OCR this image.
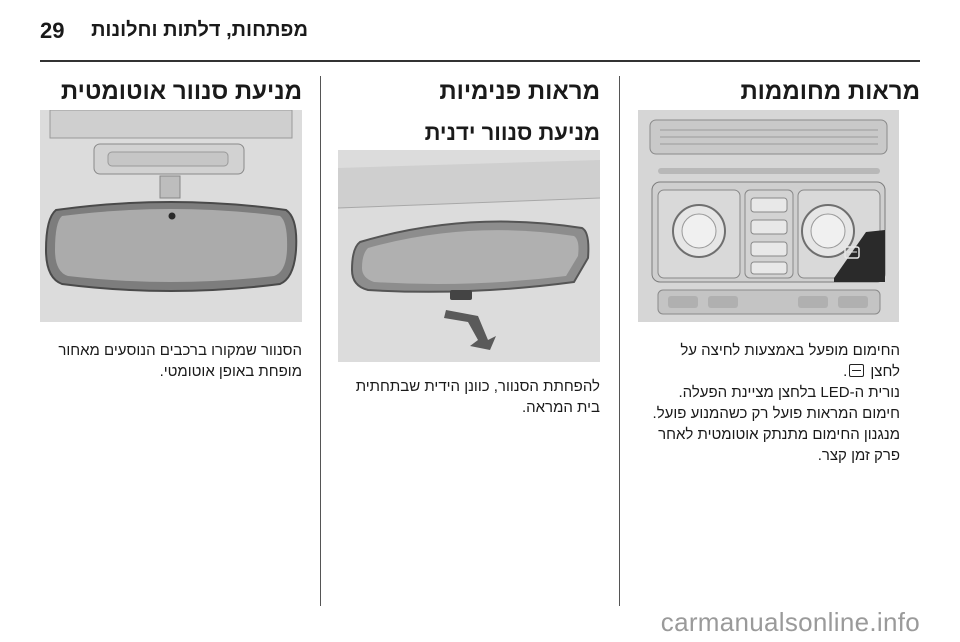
29 מפתחות, דלתות וחלונות
מראות מחוממות

החימום מופעל באמצעות לחיצה על
לחצן .

נורית ה-LED בלחצן מציינת הפעלה.

חימום המראות פועל רק כשהמנוע פועל.
מנגנון החימום מתנתק אוטומטית לאחר
פרק זמן קצר.

מראות פנימיות
מניעת סנוור ידנית

להפחתת הסנוור, כוונן הידית שבתחתית

בית המראה.

מניעת סנוור אוטומטית

הסנוור שמקורו ברכבים הנוסעים מאחור

מופחת באופן אוטומטי.

carmanualsonline.info
